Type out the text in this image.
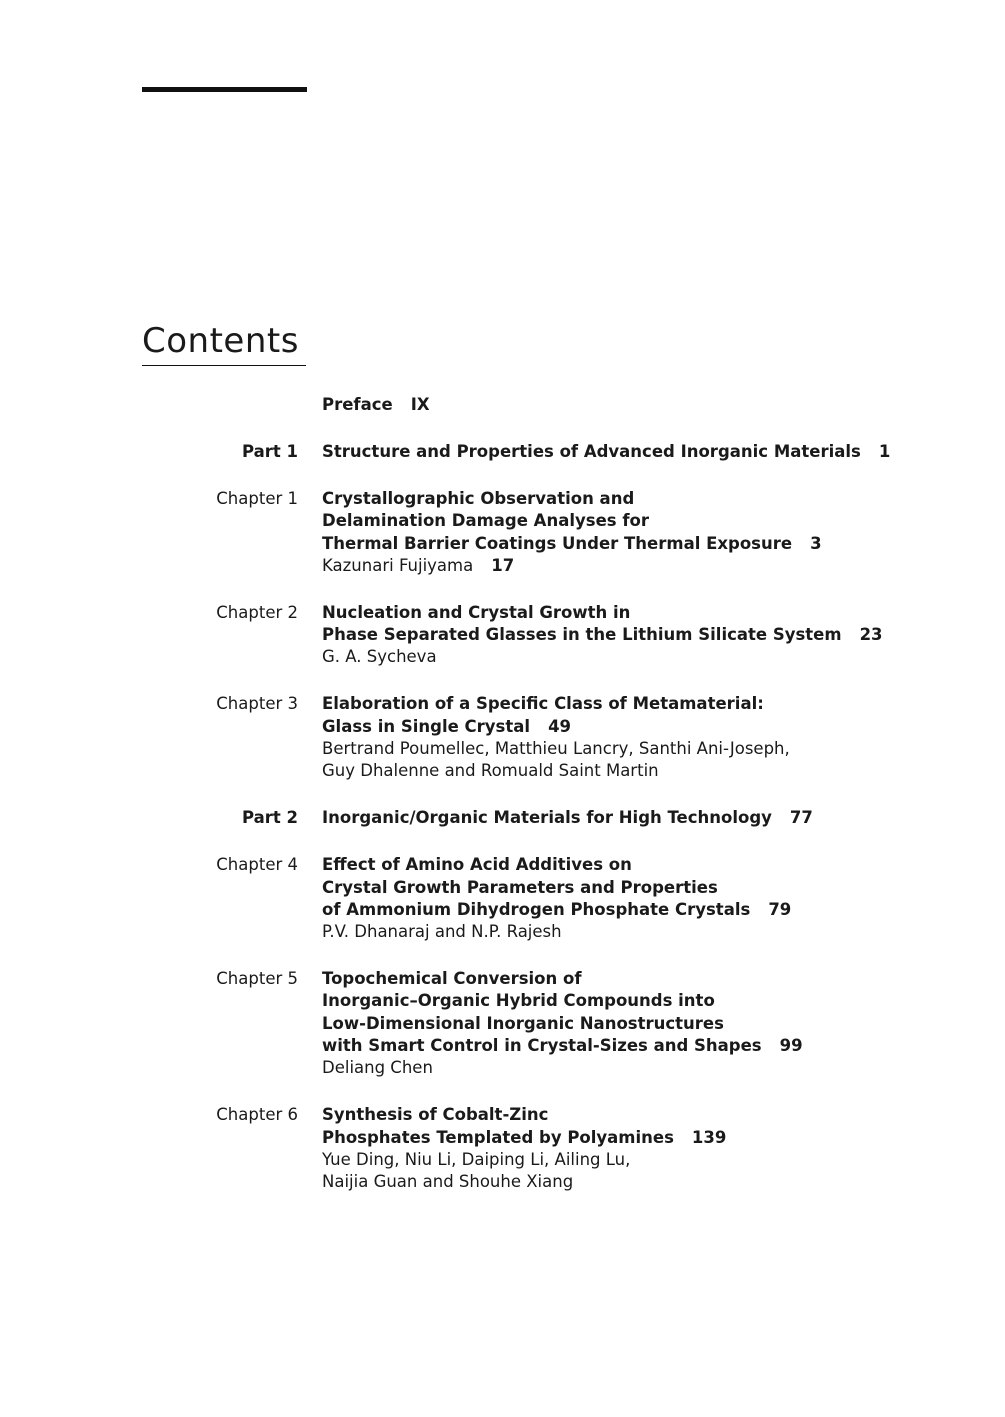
Contents
Preface IX
Part 1 Structure and Properties of Advanced Inorganic Materials 1
Chapter 1 Crystallographic Observation and
Delamination Damage Analyses for
Thermal Barrier Coatings Under Thermal Exposure 3
Kazunari Fujiyama 17
Chapter 2 Nucleation and Crystal Growth in
Phase Separated Glasses in the Lithium Silicate System 23
G. A. Sycheva
Chapter 3 Elaboration of a Specific Class of Metamaterial:
Glass in Single Crystal 49
Bertrand Poumellec, Matthieu Lancry, Santhi Ani-Joseph,
Guy Dhalenne and Romuald Saint Martin
Part 2 Inorganic/Organic Materials for High Technology 77
Chapter 4 Effect of Amino Acid Additives on
Crystal Growth Parameters and Properties
of Ammonium Dihydrogen Phosphate Crystals 79
P.V. Dhanaraj and N.P. Rajesh
Chapter 5 Topochemical Conversion of
Inorganic–Organic Hybrid Compounds into
Low-Dimensional Inorganic Nanostructures
with Smart Control in Crystal-Sizes and Shapes 99
Deliang Chen
Chapter 6 Synthesis of Cobalt-Zinc
Phosphates Templated by Polyamines 139
Yue Ding, Niu Li, Daiping Li, Ailing Lu,
Naijia Guan and Shouhe Xiang
